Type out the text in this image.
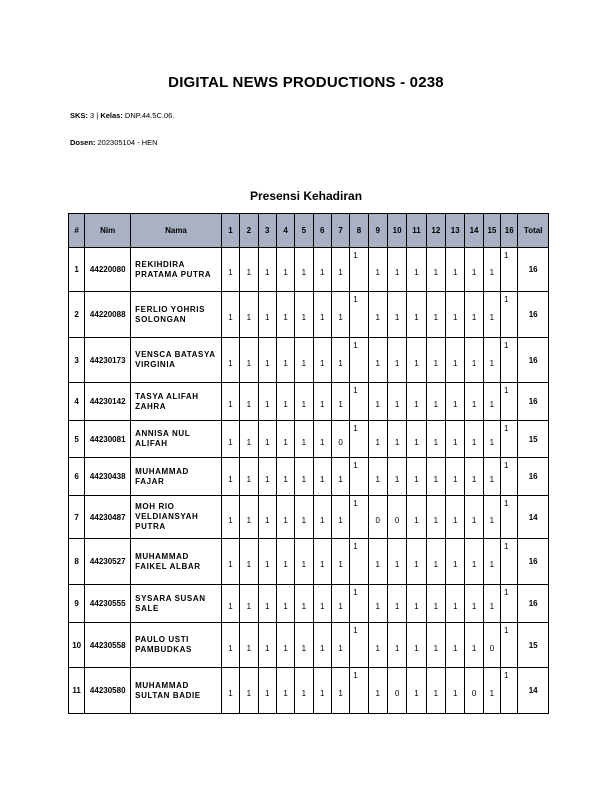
DIGITAL NEWS PRODUCTIONS - 0238
SKS: 3 | Kelas: DNP.44.5C.06.
Dosen: 202305104 - HEN
Presensi Kehadiran
#	Nim	Nama	1	2	3	4	5	6	7	8	9	10	11	12	13	14	15	16	Total
1	44220080	REKIHDIRA PRATAMA PUTRA	1	1	1	1	1	1	1	1	1	1	1	1	1	1	1	1	16
2	44220088	FERLIO YOHRIS SOLONGAN	1	1	1	1	1	1	1	1	1	1	1	1	1	1	1	1	16
3	44230173	VENSCA BATASYA VIRGINIA	1	1	1	1	1	1	1	1	1	1	1	1	1	1	1	1	16
4	44230142	TASYA ALIFAH ZAHRA	1	1	1	1	1	1	1	1	1	1	1	1	1	1	1	1	16
5	44230081	ANNISA NUL ALIFAH	1	1	1	1	1	1	0	1	1	1	1	1	1	1	1	1	15
6	44230438	MUHAMMAD FAJAR	1	1	1	1	1	1	1	1	1	1	1	1	1	1	1	1	16
7	44230487	MOH RIO VELDIANSYAH PUTRA	1	1	1	1	1	1	1	1	0	0	1	1	1	1	1	1	14
8	44230527	MUHAMMAD FAIKEL ALBAR	1	1	1	1	1	1	1	1	1	1	1	1	1	1	1	1	16
9	44230555	SYSARA SUSAN SALE	1	1	1	1	1	1	1	1	1	1	1	1	1	1	1	1	16
10	44230558	PAULO USTI PAMBUDKAS	1	1	1	1	1	1	1	1	1	1	1	1	1	1	0	1	15
11	44230580	MUHAMMAD SULTAN BADIE	1	1	1	1	1	1	1	1	1	0	1	1	1	0	1	1	14
